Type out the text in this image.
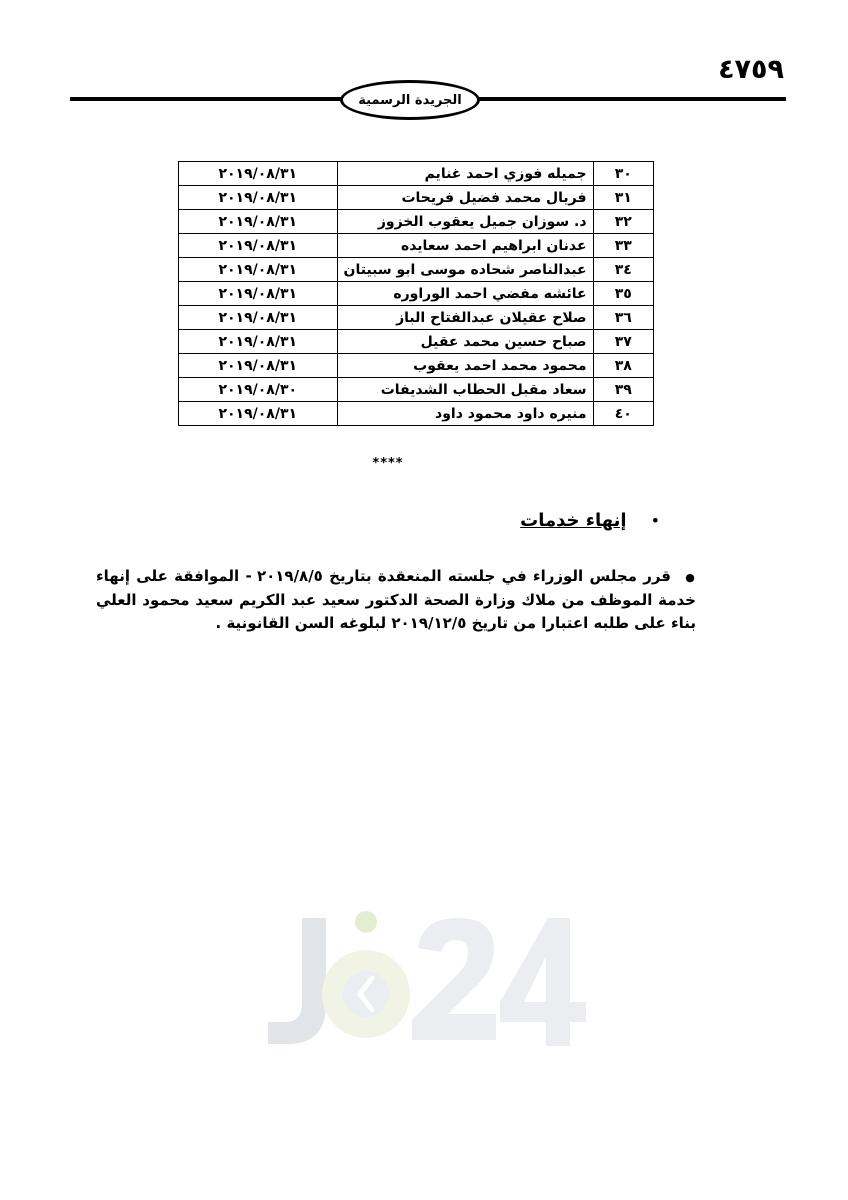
٤٧٥٩
الجريدة الرسمية
٣٠	جميله فوزي احمد غنايم	٢٠١٩/٠٨/٣١
٣١	فريال محمد فضيل فريحات	٢٠١٩/٠٨/٣١
٣٢	د. سوزان جميل يعقوب الخزوز	٢٠١٩/٠٨/٣١
٣٣	عدنان ابراهيم احمد سعايده	٢٠١٩/٠٨/٣١
٣٤	عبدالناصر شحاده موسى ابو سبيتان	٢٠١٩/٠٨/٣١
٣٥	عائشه مفضي احمد الوراوره	٢٠١٩/٠٨/٣١
٣٦	صلاح عقيلان عبدالفتاح الباز	٢٠١٩/٠٨/٣١
٣٧	صباح حسين محمد عقيل	٢٠١٩/٠٨/٣١
٣٨	محمود محمد احمد يعقوب	٢٠١٩/٠٨/٣١
٣٩	سعاد مقبل الحطاب الشديفات	٢٠١٩/٠٨/٣٠
٤٠	منيره داود محمود داود	٢٠١٩/٠٨/٣١
****
•
إنهاء خدمات
● قرر مجلس الوزراء في جلسته المنعقدة بتاريخ ٢٠١٩/٨/٥ - الموافقة على إنهاء خدمة الموظف من ملاك وزارة الصحة الدكتور سعيد عبد الكريم سعيد محمود العلي بناء على طلبه اعتبارا من تاريخ ٢٠١٩/١٢/٥ لبلوغه السن القانونية .
